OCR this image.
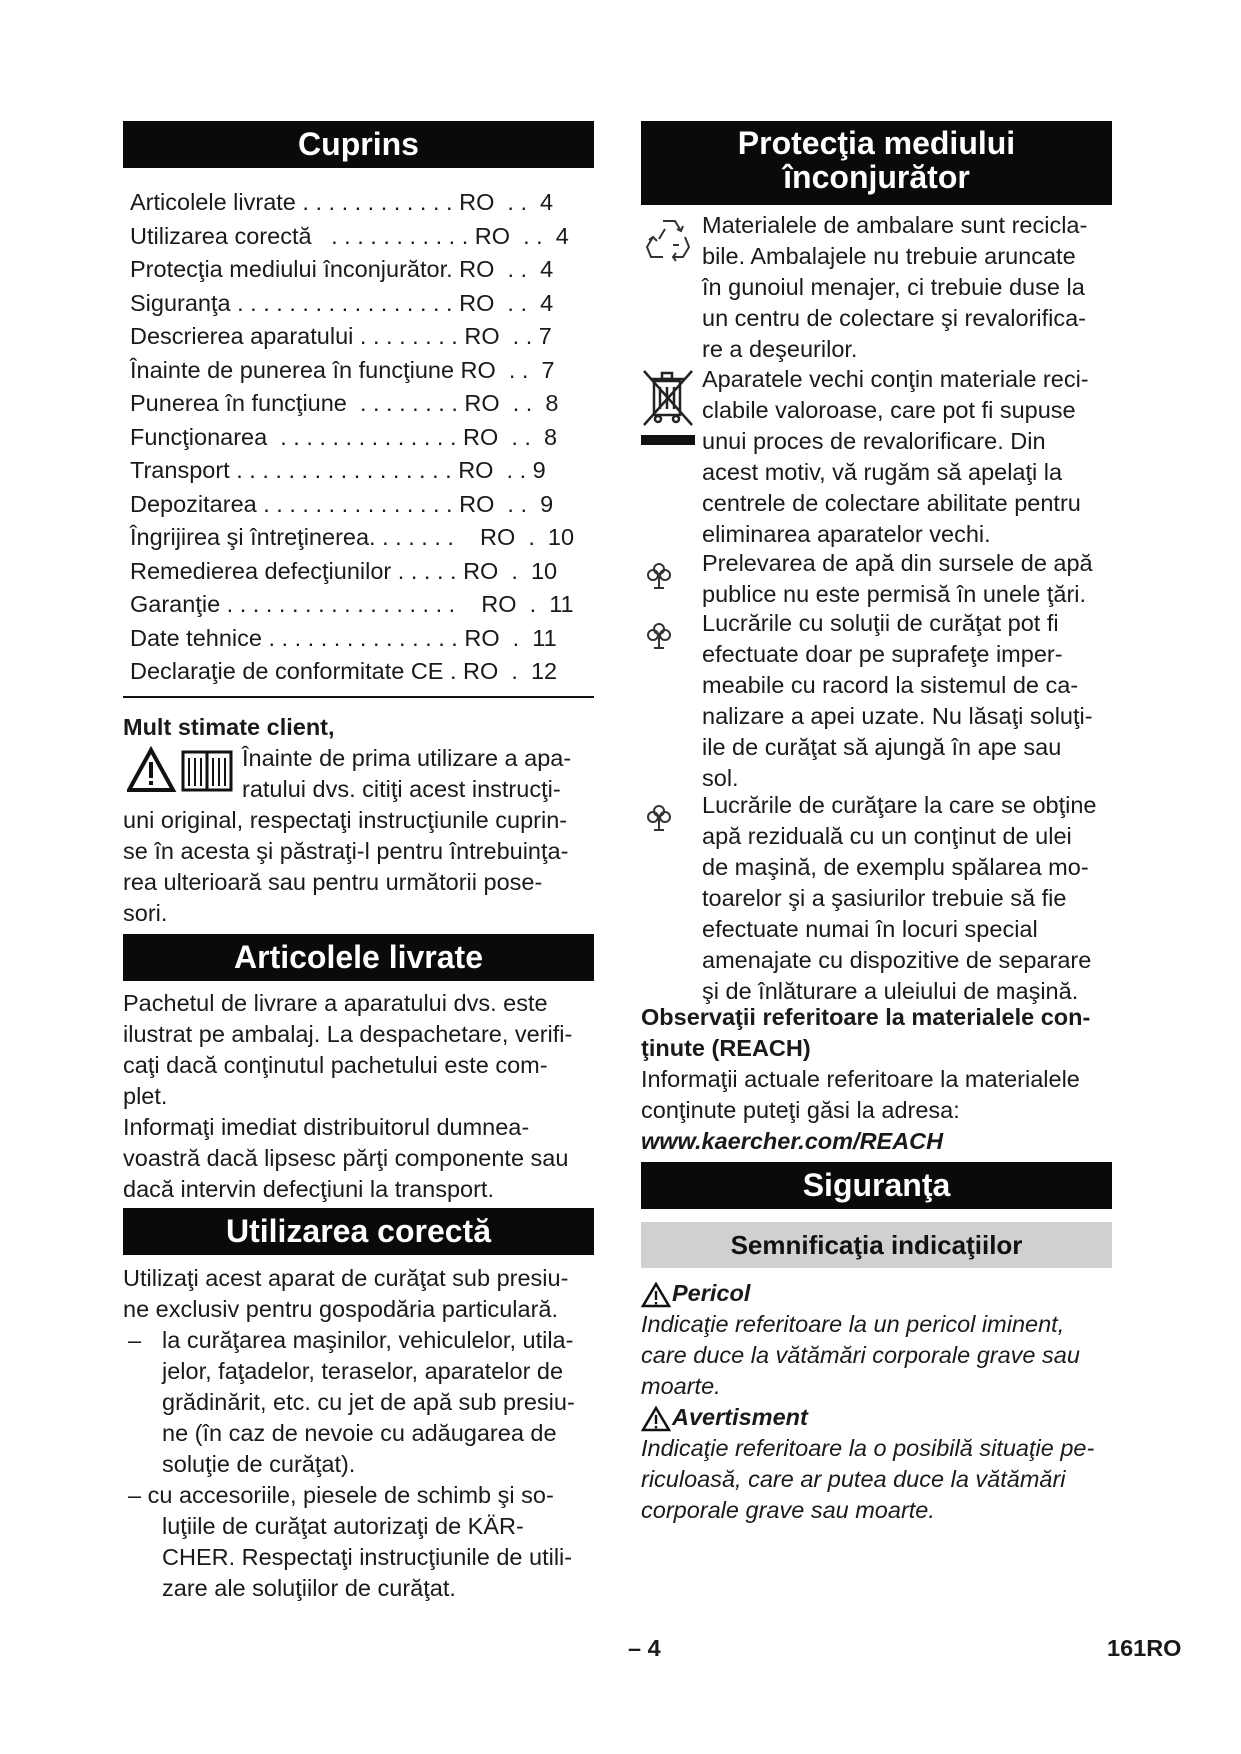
Cuprins
Articolele livrate . . . . . . . . . . . . RO  . .  4
Utilizarea corectă   . . . . . . . . . . . RO  . .  4
Protecţia mediului înconjurător. RO  . .  4
Siguranţa . . . . . . . . . . . . . . . . . RO  . .  4
Descrierea aparatului . . . . . . . . RO  . . 7
Înainte de punerea în funcţiune RO  . .  7
Punerea în funcţiune  . . . . . . . . RO  . .  8
Funcţionarea  . . . . . . . . . . . . . . RO  . .  8
Transport . . . . . . . . . . . . . . . . . RO  . . 9
Depozitarea . . . . . . . . . . . . . . . RO  . .  9
Îngrijirea şi întreţinerea. . . . . . .    RO  .  10
Remedierea defecţiunilor . . . . . RO  .  10
Garanţie . . . . . . . . . . . . . . . . . .    RO  .  11
Date tehnice . . . . . . . . . . . . . . . RO  .  11
Declaraţie de conformitate CE . RO  .  12
Mult stimate client,
Înainte de prima utilizare a apa-
ratului dvs. citiţi acest instrucţi-
uni original, respectaţi instrucţiunile cuprin-
se în acesta şi păstraţi-l pentru întrebuinţa-
rea ulterioară sau pentru următorii pose-
sori.
Articolele livrate
Pachetul de livrare a aparatului dvs. este
ilustrat pe ambalaj. La despachetare, verifi-
caţi dacă conţinutul pachetului este com-
plet.
Informaţi imediat distribuitorul dumnea-
voastră dacă lipsesc părţi componente sau
dacă intervin defecţiuni la transport.
Utilizarea corectă
Utilizaţi acest aparat de curăţat sub presiu-
ne exclusiv pentru gospodăria particulară.
– la curăţarea maşinilor, vehiculelor, utila-
jelor, faţadelor, teraselor, aparatelor de
grădinărit, etc. cu jet de apă sub presiu-
ne (în caz de nevoie cu adăugarea de
soluţie de curăţat).
– cu accesoriile, piesele de schimb şi so-
luţiile de curăţat autorizaţi de KÄR-
CHER. Respectaţi instrucţiunile de utili-
zare ale soluţiilor de curăţat.
Protecţia mediului
înconjurător
Materialele de ambalare sunt recicla-
bile. Ambalajele nu trebuie aruncate
în gunoiul menajer, ci trebuie duse la
un centru de colectare şi revalorifica-
re a deşeurilor.
Aparatele vechi conţin materiale reci-
clabile valoroase, care pot fi supuse
unui proces de revalorificare. Din
acest motiv, vă rugăm să apelaţi la
centrele de colectare abilitate pentru
eliminarea aparatelor vechi.
Prelevarea de apă din sursele de apă
publice nu este permisă în unele ţări.
Lucrările cu soluţii de curăţat pot fi
efectuate doar pe suprafeţe imper-
meabile cu racord la sistemul de ca-
nalizare a apei uzate. Nu lăsaţi soluţi-
ile de curăţat să ajungă în ape sau
sol.
Lucrările de curăţare la care se obţine
apă reziduală cu un conţinut de ulei
de maşină, de exemplu spălarea mo-
toarelor şi a şasiurilor trebuie să fie
efectuate numai în locuri special
amenajate cu dispozitive de separare
şi de înlăturare a uleiului de maşină.
Observaţii referitoare la materialele con-
ţinute (REACH)
Informaţii actuale referitoare la materialele
conţinute puteţi găsi la adresa:
www.kaercher.com/REACH
Siguranţa
Semnificaţia indicaţiilor
Pericol
Indicaţie referitoare la un pericol iminent,
care duce la vătămări corporale grave sau
moarte.
Avertisment
Indicaţie referitoare la o posibilă situaţie pe-
riculoasă, care ar putea duce la vătămări
corporale grave sau moarte.
– 4	161RO
